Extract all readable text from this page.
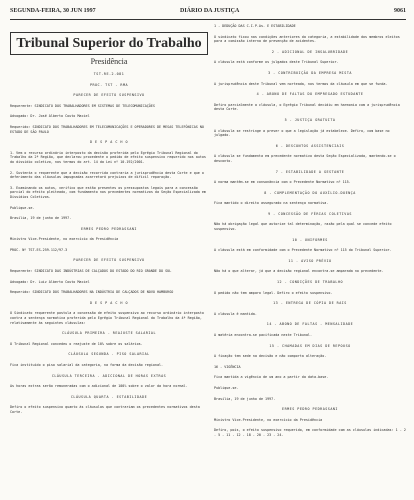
SEGUNDA-FEIRA, 30 JUN 1997	DIÁRIO DA JUSTIÇA	9061
Tribunal Superior do Trabalho
Presidência
TST-RE-2.081
PROC. TST - RMA
PARECER DE EFEITO SUSPENSIVO
Requerente: SINDICATO DOS TRABALHADORES EM SISTEMAS DE TELECOMUNICAÇÕES
Advogado: Dr. José Alberto Couto Maciel
Requerido: SINDICATO DOS TRABALHADORES EM TELECOMUNICAÇÕES E OPERADORES DE MESAS TELEFÔNICAS NO ESTADO DE SÃO PAULO
D E S P A C H O
1. Vem o recurso ordinário interposto da decisão proferida pelo Egrégio Tribunal Regional do Trabalho da 2ª Região, que declarou procedente o pedido de efeito suspensivo requerido nos autos do dissídio coletivo, nos termos do art. 14 da Lei nº 10.192/2001.
2. Sustenta o requerente que a decisão recorrida contraria a jurisprudência desta Corte e que o deferimento das cláusulas impugnadas acarretará prejuízos de difícil reparação.
3. Examinando os autos, verifico que estão presentes os pressupostos legais para a concessão parcial do efeito pleiteado, com fundamento nos precedentes normativos da Seção Especializada em Dissídios Coletivos.
Publique-se.
Brasília, 19 de junho de 1997.
ERMES PEDRO PEDRASSANI
Ministro Vice-Presidente, no exercício da Presidência
PROC. Nº TST-ES-259.112/97.3
PARECER DE EFEITO SUSPENSIVO
Requerente: SINDICATO DAS INDÚSTRIAS DE CALÇADOS DO ESTADO DO RIO GRANDE DO SUL
Advogado: Dr. Luiz Alberto Couto Maciel
Requerido: SINDICATO DOS TRABALHADORES NA INDÚSTRIA DE CALÇADOS DE NOVO HAMBURGO
D E S P A C H O
O Sindicato requerente postula a concessão de efeito suspensivo ao recurso ordinário interposto contra a sentença normativa proferida pelo Egrégio Tribunal Regional do Trabalho da 4ª Região, relativamente às seguintes cláusulas:
CLÁUSULA PRIMEIRA - REAJUSTE SALARIAL
O Tribunal Regional concedeu o reajuste de 10% sobre os salários.
CLÁUSULA SEGUNDA - PISO SALARIAL
Fica instituído o piso salarial da categoria, na forma da decisão regional.
CLÁUSULA TERCEIRA - ADICIONAL DE HORAS EXTRAS
As horas extras serão remuneradas com o adicional de 100% sobre o valor da hora normal.
CLÁUSULA QUARTA - ESTABILIDADE
Defiro o efeito suspensivo quanto às cláusulas que contrariam os precedentes normativos desta Corte.
1 - DEDUÇÃO DAS C.I.P.As. E ESTABILIDADE
O sindicato fixou nas condições anteriores da categoria, a estabilidade dos membros eleitos para a comissão interna de prevenção de acidentes.
2 - ADICIONAL DE INSALUBRIDADE
A cláusula está conforme os julgados deste Tribunal Superior.
3 - CONTRIBUIÇÃO DA EMPRESA MISTA
A jurisprudência deste Tribunal vem norteada, nos termos da cláusula em que se funda.
4 - ABONO DE FALTAS DO EMPREGADO ESTUDANTE
Defiro parcialmente a cláusula, o Egrégio Tribunal decidiu em harmonia com a jurisprudência desta Corte.
5 - JUSTIÇA GRATUITA
A cláusula se restringe a prever o que a legislação já estabelece. Defiro, com base no julgado.
6 - DESCONTOS ASSISTENCIAIS
A cláusula se fundamenta em precedente normativo desta Seção Especializada, mantendo-se o desconto.
7 - ESTABILIDADE A GESTANTE
A norma mantém-se em consonância com o Precedente Normativo nº 115.
8 - COMPLEMENTAÇÃO DO AUXÍLIO-DOENÇA
Fica mantido o direito assegurado na sentença normativa.
9 - CONCESSÃO DE FÉRIAS COLETIVAS
Não há obrigação legal que autorize tal determinação, razão pela qual se concede efeito suspensivo.
10 - UNIFORMES
A cláusula está em conformidade com o Precedente Normativo nº 115 do Tribunal Superior.
11 - AVISO PRÉVIO
Não há o que alterar, já que a decisão regional encontra-se amparada no precedente.
12 - CONDIÇÕES DE TRABALHO
O pedido não tem amparo legal. Defiro o efeito suspensivo.
13 - ENTREGA DE CÓPIA DE RAIS
A cláusula é mantida.
14 - ABONO DE FALTAS - MENSALIDADE
A matéria encontra-se pacificada neste Tribunal.
15 - CHAMADAS EM DIAS DE REPOUSO
A fixação tem sede na decisão e não comporta alteração.
16 - VIGÊNCIA
Fica mantida a vigência de um ano a partir da data-base.
Publique-se.
Brasília, 19 de junho de 1997.
ERMES PEDRO PEDRASSANI
Ministro Vice-Presidente, no exercício da Presidência
Defiro, pois, o efeito suspensivo requerido, em conformidade com as cláusulas indicadas: 1 - 2 - 5 - 11 - 12 - 18 - 20 - 23 - 24.
